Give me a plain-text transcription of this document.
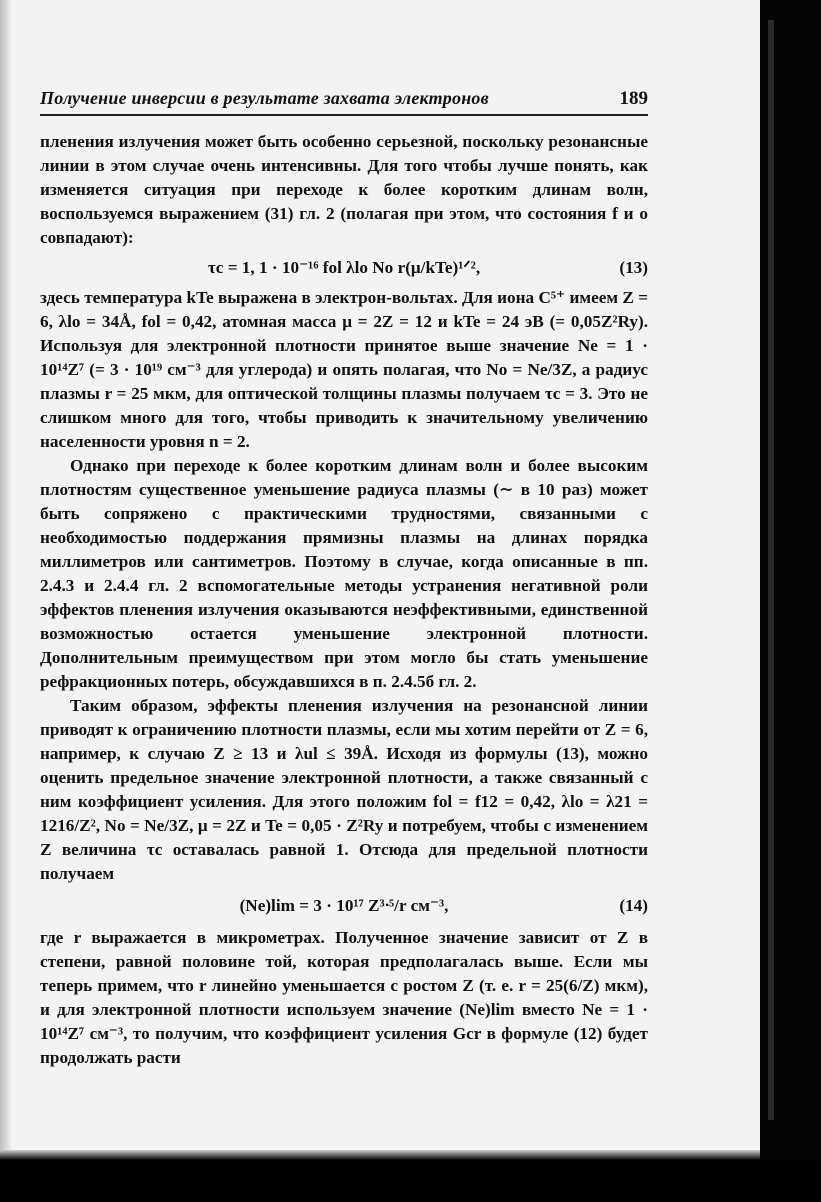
Получение инверсии в результате захвата электронов	189

пленения излучения может быть особенно серьезной, поскольку резонансные линии в этом случае очень интенсивны. Для того чтобы лучше понять, как изменяется ситуация при переходе к более коротким длинам волн, воспользуемся выражением (31) гл. 2 (полагая при этом, что состояния f и o совпадают):

τc = 1, 1 · 10⁻¹⁶ fol λlo No r(μ/kTe)¹ᐟ²,	(13)

здесь температура kTe выражена в электрон-вольтах. Для иона C⁵⁺ имеем Z = 6, λlo = 34Å, fol = 0,42, атомная масса μ = 2Z = 12 и kTe = 24 эВ (= 0,05Z²Ry). Используя для электронной плотности принятое выше значение Ne = 1 · 10¹⁴Z⁷ (= 3 · 10¹⁹ см⁻³ для углерода) и опять полагая, что No = Ne/3Z, а радиус плазмы r = 25 мкм, для оптической толщины плазмы получаем τc = 3. Это не слишком много для того, чтобы приводить к значительному увеличению населенности уровня n = 2.

Однако при переходе к более коротким длинам волн и более высоким плотностям существенное уменьшение радиуса плазмы (∼ в 10 раз) может быть сопряжено с практическими трудностями, связанными с необходимостью поддержания прямизны плазмы на длинах порядка миллиметров или сантиметров. Поэтому в случае, когда описанные в пп. 2.4.3 и 2.4.4 гл. 2 вспомогательные методы устранения негативной роли эффектов пленения излучения оказываются неэффективными, единственной возможностью остается уменьшение электронной плотности. Дополнительным преимуществом при этом могло бы стать уменьшение рефракционных потерь, обсуждавшихся в п. 2.4.5б гл. 2.

Таким образом, эффекты пленения излучения на резонансной линии приводят к ограничению плотности плазмы, если мы хотим перейти от Z = 6, например, к случаю Z ≥ 13 и λul ≤ 39Å. Исходя из формулы (13), можно оценить предельное значение электронной плотности, а также связанный с ним коэффициент усиления. Для этого положим fol = f12 = 0,42, λlo = λ21 = 1216/Z², No = Ne/3Z, μ = 2Z и Te = 0,05 · Z²Ry и потребуем, чтобы с изменением Z величина τc оставалась равной 1. Отсюда для предельной плотности получаем

(Ne)lim = 3 · 10¹⁷ Z³ᐧ⁵/r см⁻³,	(14)

где r выражается в микрометрах. Полученное значение зависит от Z в степени, равной половине той, которая предполагалась выше. Если мы теперь примем, что r линейно уменьшается с ростом Z (т. е. r = 25(6/Z) мкм), и для электронной плотности используем значение (Ne)lim вместо Ne = 1 · 10¹⁴Z⁷ см⁻³, то получим, что коэффициент усиления Gcr в формуле (12) будет продолжать расти
